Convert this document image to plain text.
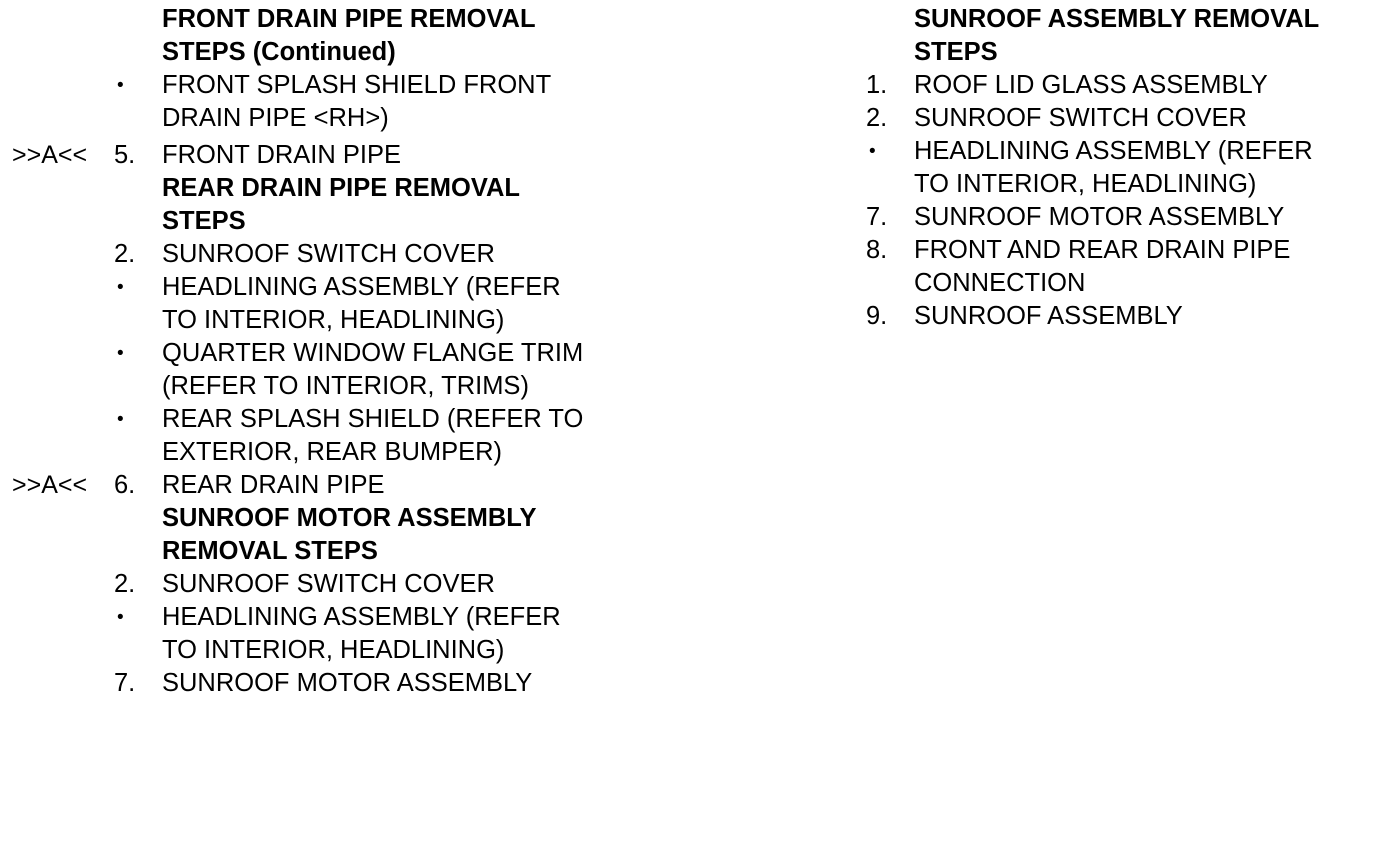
FRONT DRAIN PIPE REMOVAL
STEPS (Continued)
• FRONT SPLASH SHIELD FRONT
DRAIN PIPE <RH>)
>>A<< 5. FRONT DRAIN PIPE
REAR DRAIN PIPE REMOVAL
STEPS
2. SUNROOF SWITCH COVER
• HEADLINING ASSEMBLY (REFER
TO INTERIOR, HEADLINING)
• QUARTER WINDOW FLANGE TRIM
(REFER TO INTERIOR, TRIMS)
• REAR SPLASH SHIELD (REFER TO
EXTERIOR, REAR BUMPER)
>>A<< 6. REAR DRAIN PIPE
SUNROOF MOTOR ASSEMBLY
REMOVAL STEPS
2. SUNROOF SWITCH COVER
• HEADLINING ASSEMBLY (REFER
TO INTERIOR, HEADLINING)
7. SUNROOF MOTOR ASSEMBLY
SUNROOF ASSEMBLY REMOVAL
STEPS
1. ROOF LID GLASS ASSEMBLY
2. SUNROOF SWITCH COVER
• HEADLINING ASSEMBLY (REFER
TO INTERIOR, HEADLINING)
7. SUNROOF MOTOR ASSEMBLY
8. FRONT AND REAR DRAIN PIPE
CONNECTION
9. SUNROOF ASSEMBLY
